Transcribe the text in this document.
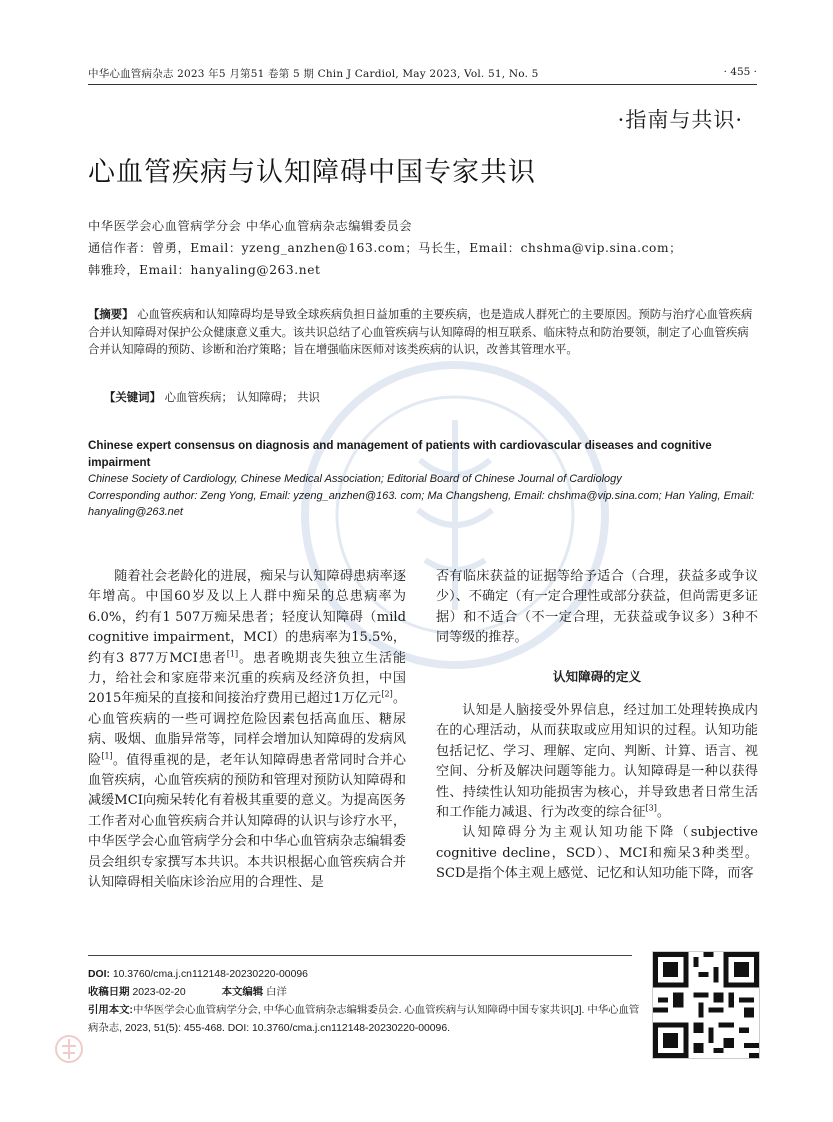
中华心血管病杂志 2023 年5 月第51 卷第 5 期 Chin J Cardiol, May 2023, Vol. 51, No. 5	· 455 ·
·指南与共识·
心血管疾病与认知障碍中国专家共识
中华医学会心血管病学分会 中华心血管病杂志编辑委员会
通信作者：曾勇，Email：yzeng_anzhen@163.com；马长生，Email：chshma@vip.sina.com；
韩雅玲，Email：hanyaling@263.net
【摘要】 心血管疾病和认知障碍均是导致全球疾病负担日益加重的主要疾病，也是造成人群死亡的主要原因。预防与治疗心血管疾病合并认知障碍对保护公众健康意义重大。该共识总结了心血管疾病与认知障碍的相互联系、临床特点和防治要领，制定了心血管疾病合并认知障碍的预防、诊断和治疗策略；旨在增强临床医师对该类疾病的认识，改善其管理水平。
【关键词】 心血管疾病； 认知障碍； 共识
Chinese expert consensus on diagnosis and management of patients with cardiovascular diseases and cognitive impairment
Chinese Society of Cardiology, Chinese Medical Association; Editorial Board of Chinese Journal of Cardiology
Corresponding author: Zeng Yong, Email: yzeng_anzhen@163. com; Ma Changsheng, Email: chshma@vip.sina.com; Han Yaling, Email: hanyaling@263.net

随着社会老龄化的进展，痴呆与认知障碍患病率逐年增高。中国60岁及以上人群中痴呆的总患病率为6.0%，约有1 507万痴呆患者；轻度认知障碍（mild cognitive impairment，MCI）的患病率为15.5%，约有3 877万MCI患者[1]。患者晚期丧失独立生活能力，给社会和家庭带来沉重的疾病及经济负担，中国2015年痴呆的直接和间接治疗费用已超过1万亿元[2]。心血管疾病的一些可调控危险因素包括高血压、糖尿病、吸烟、血脂异常等，同样会增加认知障碍的发病风险[1]。值得重视的是，老年认知障碍患者常同时合并心血管疾病，心血管疾病的预防和管理对预防认知障碍和减缓MCI向痴呆转化有着极其重要的意义。为提高医务工作者对心血管疾病合并认知障碍的认识与诊疗水平，中华医学会心血管病学分会和中华心血管病杂志编辑委员会组织专家撰写本共识。本共识根据心血管疾病合并认知障碍相关临床诊治应用的合理性、是

否有临床获益的证据等给予适合（合理，获益多或争议少）、不确定（有一定合理性或部分获益，但尚需更多证据）和不适合（不一定合理，无获益或争议多）3种不同等级的推荐。

认知障碍的定义

认知是人脑接受外界信息，经过加工处理转换成内在的心理活动，从而获取或应用知识的过程。认知功能包括记忆、学习、理解、定向、判断、计算、语言、视空间、分析及解决问题等能力。认知障碍是一种以获得性、持续性认知功能损害为核心，并导致患者日常生活和工作能力减退、行为改变的综合征[3]。

认知障碍分为主观认知功能下降（subjective cognitive decline，SCD）、MCI和痴呆3种类型。SCD是指个体主观上感觉、记忆和认知功能下降，而客

DOI: 10.3760/cma.j.cn112148-20230220-00096
收稿日期 2023-02-20	本文编辑 白洋
引用本文:中华医学会心血管病学分会, 中华心血管病杂志编辑委员会. 心血管疾病与认知障碍中国专家共识[J]. 中华心血管病杂志, 2023, 51(5): 455-468. DOI: 10.3760/cma.j.cn112148-20230220-00096.
